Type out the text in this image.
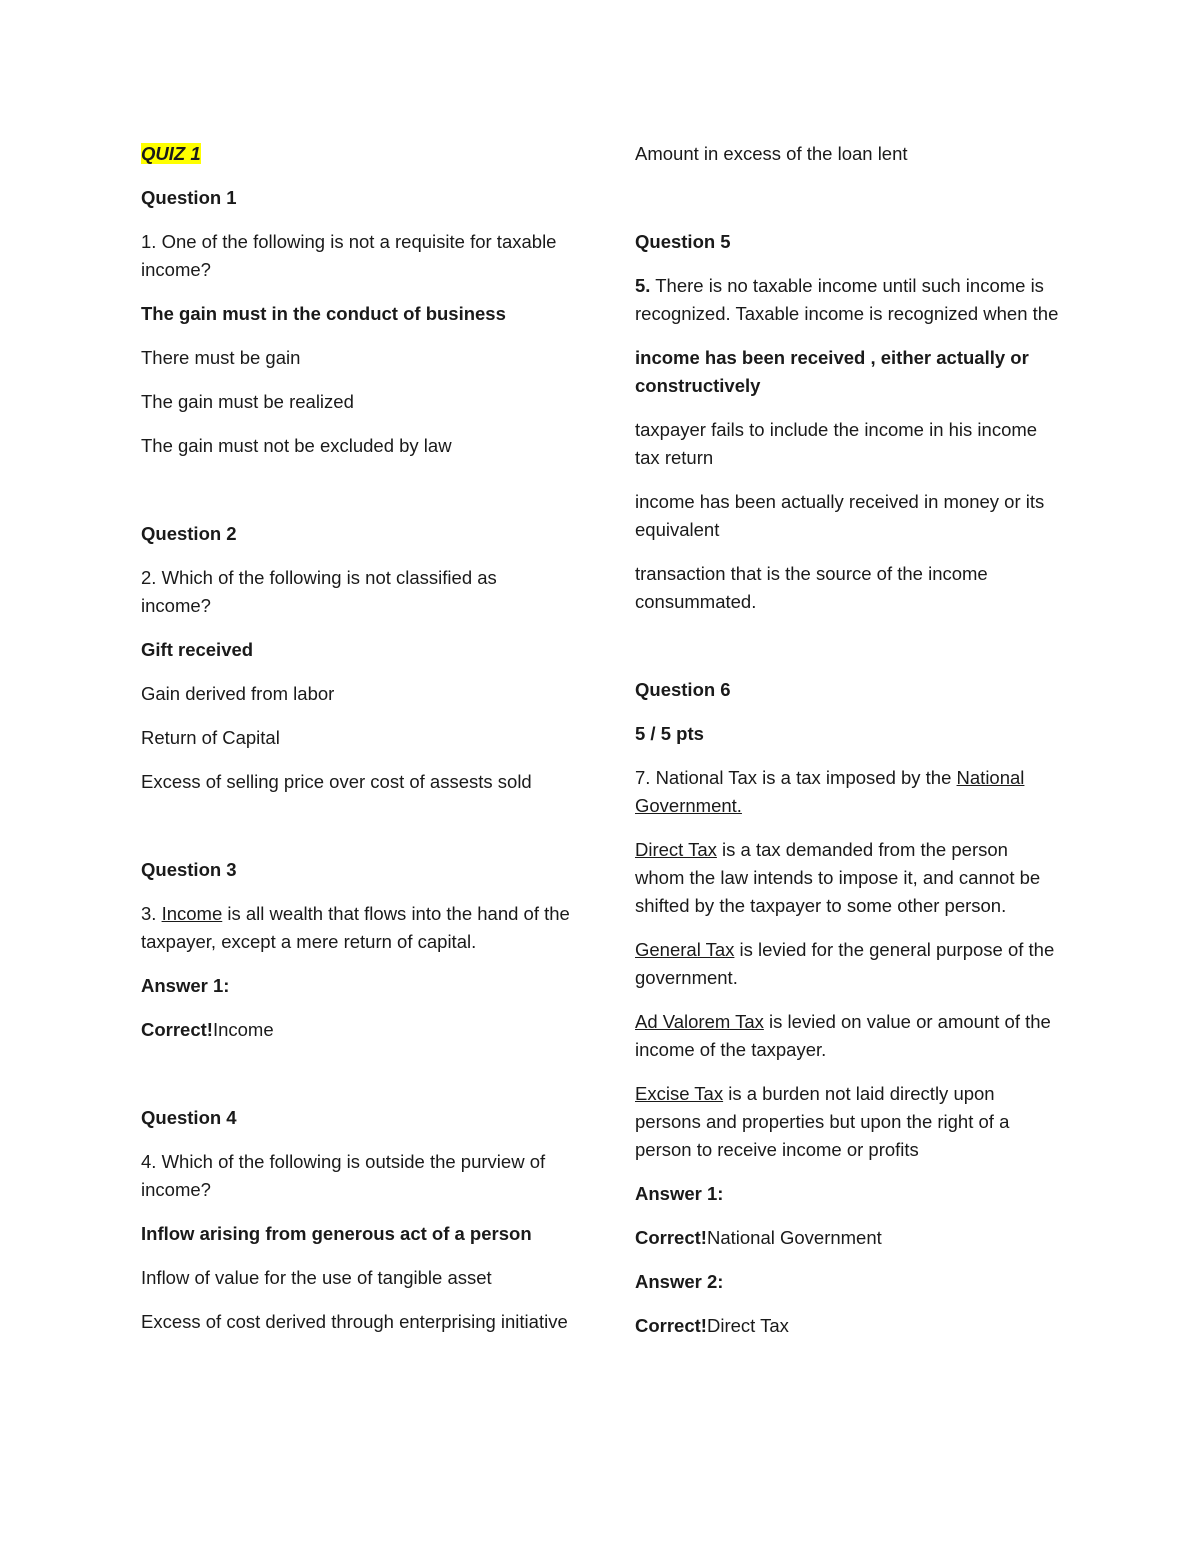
QUIZ 1

Question 1

1. One of the following is not a requisite for taxable income?

The gain must in the conduct of business

There must be gain

The gain must be realized

The gain must not be excluded by law

Question 2

2. Which of the following is not classified as income?

Gift received

Gain derived from labor

Return of Capital

Excess of selling price over cost of assests sold

Question 3

3. Income is all wealth that flows into the hand of the taxpayer, except a mere return of capital.

Answer 1:

Correct!Income

Question 4

4. Which of the following is outside the purview of income?

Inflow arising from generous act of a person

Inflow of value for the use of tangible asset

Excess of cost derived through enterprising initiative

Amount in excess of the loan lent

Question 5

5. There is no taxable income until such income is recognized. Taxable income is recognized when the

income has been received , either actually or constructively

taxpayer fails to include the income in his income tax return

income has been actually received in money or its equivalent

transaction that is the source of the income consummated.

Question 6

5 / 5 pts

7. National Tax is a tax imposed by the National Government.

Direct Tax is a tax demanded from the person whom the law intends to impose it, and cannot be shifted by the taxpayer to some other person.

General Tax is levied for the general purpose of the government.

Ad Valorem Tax is levied on value or amount of the income of the taxpayer.

Excise Tax is a burden not laid directly upon persons and properties but upon the right of a person to receive income or profits

Answer 1:

Correct!National Government

Answer 2:

Correct!Direct Tax
